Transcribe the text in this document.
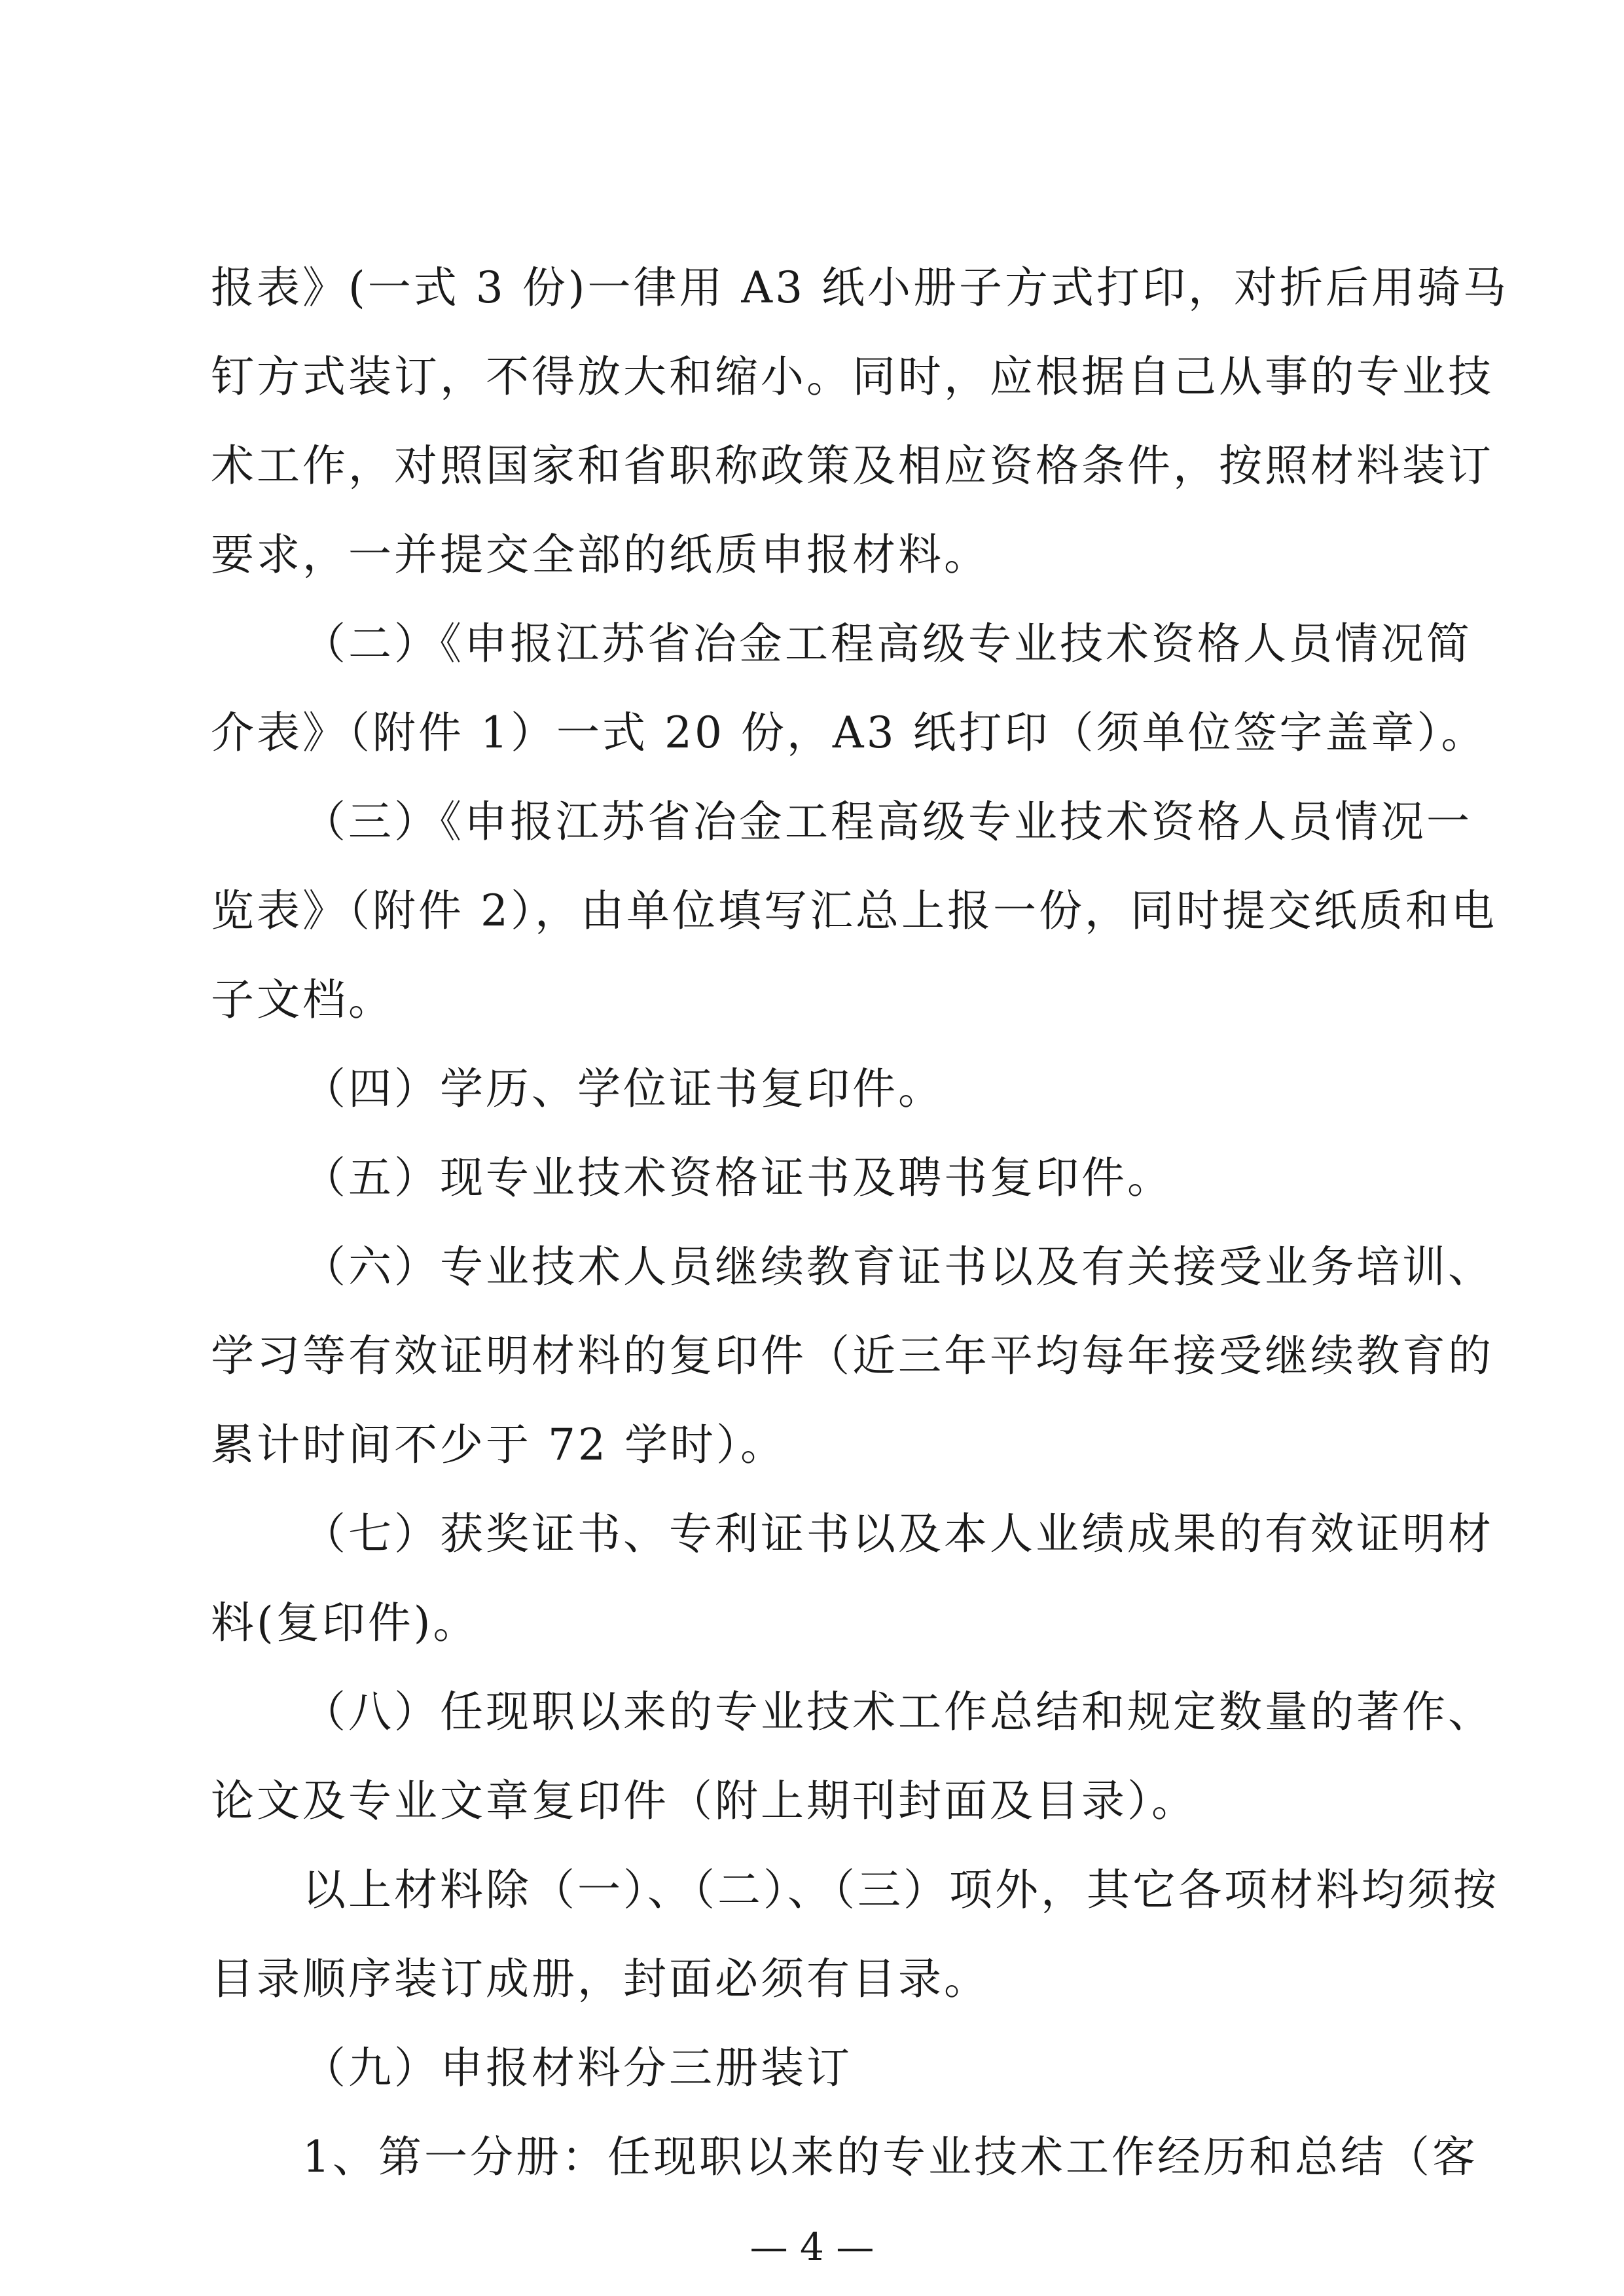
报表》(一式 3 份)一律用 A3 纸小册子方式打印，对折后用骑马
钉方式装订，不得放大和缩小。同时，应根据自己从事的专业技
术工作，对照国家和省职称政策及相应资格条件，按照材料装订
要求，一并提交全部的纸质申报材料。
（二）《申报江苏省冶金工程高级专业技术资格人员情况简
介表》（附件 1）一式 20 份，A3 纸打印（须单位签字盖章）。
（三）《申报江苏省冶金工程高级专业技术资格人员情况一
览表》（附件 2），由单位填写汇总上报一份，同时提交纸质和电
子文档。
（四）学历、学位证书复印件。
（五）现专业技术资格证书及聘书复印件。
（六）专业技术人员继续教育证书以及有关接受业务培训、
学习等有效证明材料的复印件（近三年平均每年接受继续教育的
累计时间不少于 72 学时）。
（七）获奖证书、专利证书以及本人业绩成果的有效证明材
料(复印件)。
（八）任现职以来的专业技术工作总结和规定数量的著作、
论文及专业文章复印件（附上期刊封面及目录）。
以上材料除（一）、（二）、（三）项外，其它各项材料均须按
目录顺序装订成册，封面必须有目录。
（九）申报材料分三册装订
1、第一分册：任现职以来的专业技术工作经历和总结（客
— 4 —
